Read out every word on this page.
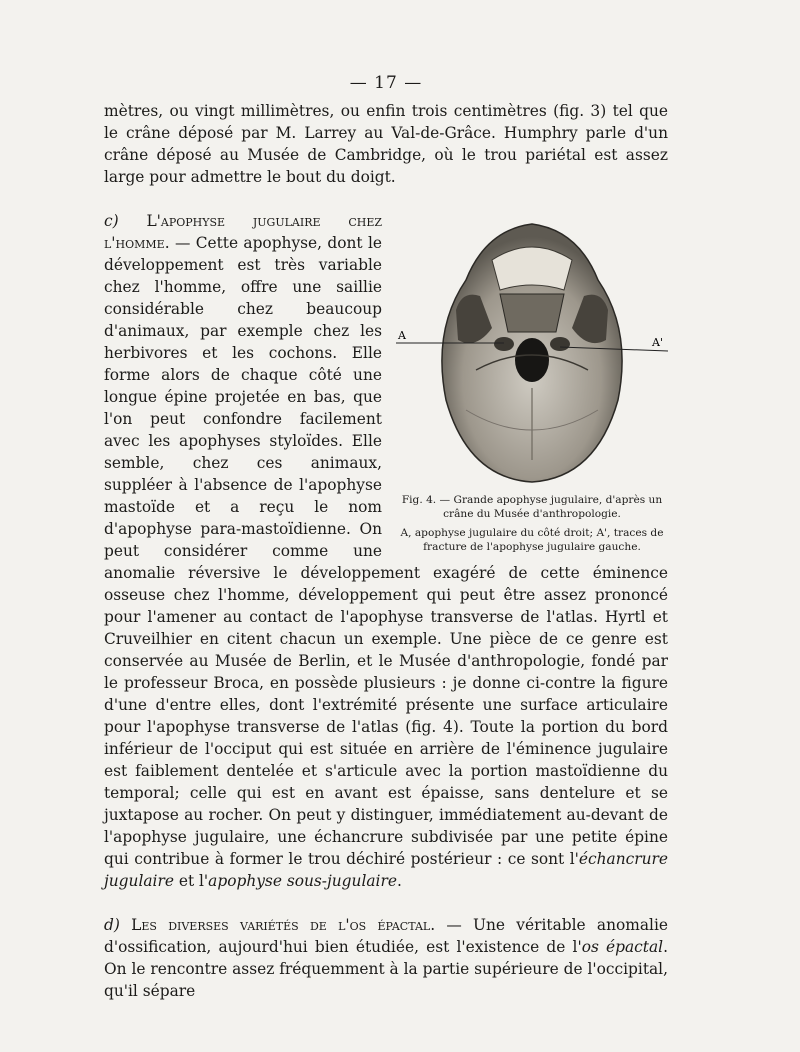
— 17 —

mètres, ou vingt millimètres, ou enfin trois centimètres (fig. 3) tel que le crâne déposé par M. Larrey au Val-de-Grâce. Humphry parle d'un crâne déposé au Musée de Cambridge, où le trou pariétal est assez large pour admettre le bout du doigt.

A
A'
Fig. 4. — Grande apophyse jugulaire, d'après un crâne du Musée d'anthropologie.
A, apophyse jugulaire du côté droit; A', traces de fracture de l'apophyse jugulaire gauche.

c) L'apophyse jugulaire chez l'homme. — Cette apophyse, dont le développement est très variable chez l'homme, offre une saillie considérable chez beaucoup d'animaux, par exemple chez les herbivores et les cochons. Elle forme alors de chaque côté une longue épine projetée en bas, que l'on peut confondre facilement avec les apophyses styloïdes. Elle semble, chez ces animaux, suppléer à l'absence de l'apophyse mastoïde et a reçu le nom d'apophyse para-mastoïdienne. On peut considérer comme une anomalie réversive le développement exagéré de cette éminence osseuse chez l'homme, développement qui peut être assez prononcé pour l'amener au contact de l'apophyse transverse de l'atlas. Hyrtl et Cruveilhier en citent chacun un exemple. Une pièce de ce genre est conservée au Musée de Berlin, et le Musée d'anthropologie, fondé par le professeur Broca, en possède plusieurs : je donne ci-contre la figure d'une d'entre elles, dont l'extrémité présente une surface articulaire pour l'apophyse transverse de l'atlas (fig. 4). Toute la portion du bord inférieur de l'occiput qui est située en arrière de l'éminence jugulaire est faiblement dentelée et s'articule avec la portion mastoïdienne du temporal; celle qui est en avant est épaisse, sans dentelure et se juxtapose au rocher. On peut y distinguer, immédiatement au-devant de l'apophyse jugulaire, une échancrure subdivisée par une petite épine qui contribue à former le trou déchiré postérieur : ce sont l'échancrure jugulaire et l'apophyse sous-jugulaire.

d) Les diverses variétés de l'os épactal. — Une véritable anomalie d'ossification, aujourd'hui bien étudiée, est l'existence de l'os épactal. On le rencontre assez fréquemment à la partie supérieure de l'occipital, qu'il sépare
